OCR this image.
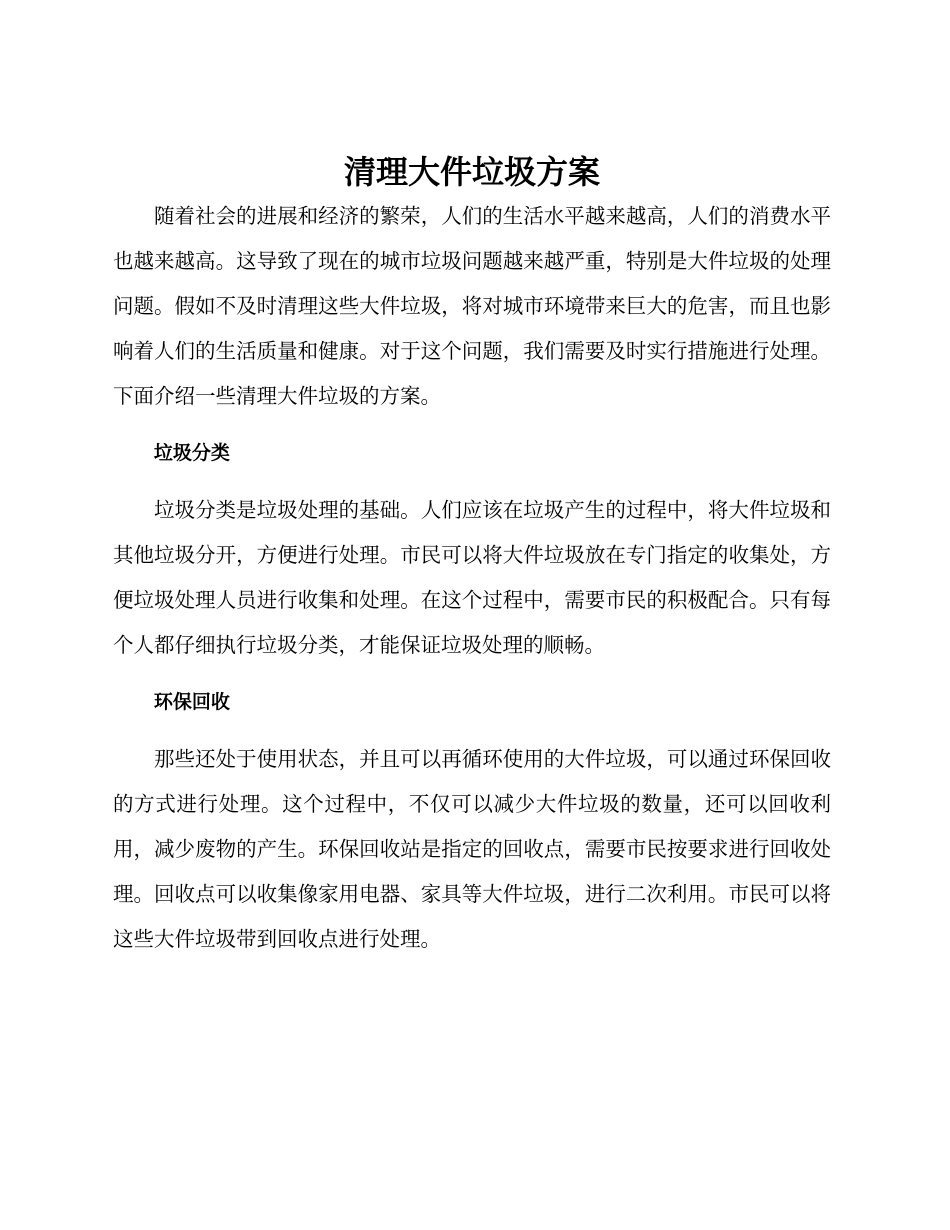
清理大件垃圾方案

随着社会的进展和经济的繁荣，人们的生活水平越来越高，人们的消费水平也越来越高。这导致了现在的城市垃圾问题越来越严重，特别是大件垃圾的处理问题。假如不及时清理这些大件垃圾，将对城市环境带来巨大的危害，而且也影响着人们的生活质量和健康。对于这个问题，我们需要及时实行措施进行处理。下面介绍一些清理大件垃圾的方案。

垃圾分类

垃圾分类是垃圾处理的基础。人们应该在垃圾产生的过程中，将大件垃圾和其他垃圾分开，方便进行处理。市民可以将大件垃圾放在专门指定的收集处，方便垃圾处理人员进行收集和处理。在这个过程中，需要市民的积极配合。只有每个人都仔细执行垃圾分类，才能保证垃圾处理的顺畅。

环保回收

那些还处于使用状态，并且可以再循环使用的大件垃圾，可以通过环保回收的方式进行处理。这个过程中，不仅可以减少大件垃圾的数量，还可以回收利用，减少废物的产生。环保回收站是指定的回收点，需要市民按要求进行回收处理。回收点可以收集像家用电器、家具等大件垃圾，进行二次利用。市民可以将这些大件垃圾带到回收点进行处理。
